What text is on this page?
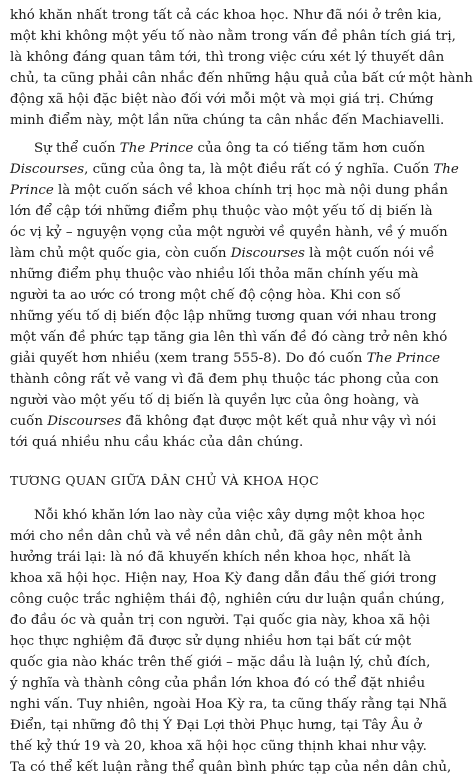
khó khăn nhất trong tất cả các khoa học. Như đã nói ở trên kia,
một khi không một yếu tố nào nằm trong vấn đề phân tích giá trị,
là không đáng quan tâm tới, thì trong việc cứu xét lý thuyết dân
chủ, ta cũng phải cân nhắc đến những hậu quả của bất cứ một hành
động xã hội đặc biệt nào đối với mỗi một và mọi giá trị. Chứng
minh điểm này, một lần nữa chúng ta cân nhắc đến Machiavelli.
Sự thể cuốn The Prince của ông ta có tiếng tăm hơn cuốn
Discourses, cũng của ông ta, là một điều rất có ý nghĩa. Cuốn The
Prince là một cuốn sách về khoa chính trị học mà nội dung phần
lớn để cập tới những điểm phụ thuộc vào một yếu tố dị biến là
óc vị kỷ – nguyện vọng của một người về quyền hành, về ý muốn
làm chủ một quốc gia, còn cuốn Discourses là một cuốn nói về
những điểm phụ thuộc vào nhiều lối thỏa mãn chính yếu mà
người ta ao ước có trong một chế độ cộng hòa. Khi con số
những yếu tố dị biến độc lập những tương quan với nhau trong
một vấn đề phức tạp tăng gia lên thì vấn đề đó càng trở nên khó
giải quyết hơn nhiều (xem trang 555-8). Do đó cuốn The Prince
thành công rất vẻ vang vì đã đem phụ thuộc tác phong của con
người vào một yếu tố dị biến là quyền lực của ông hoàng, và
cuốn Discourses đã không đạt được một kết quả như vậy vì nói
tới quá nhiều nhu cầu khác của dân chúng.
TƯƠNG QUAN GIỮA DÂN CHỦ VÀ KHOA HỌC
Nỗi khó khăn lớn lao này của việc xây dựng một khoa học
mới cho nền dân chủ và về nền dân chủ, đã gây nên một ảnh
hưởng trái lại: là nó đã khuyến khích nền khoa học, nhất là
khoa xã hội học. Hiện nay, Hoa Kỳ đang dẫn đầu thế giới trong
công cuộc trắc nghiệm thái độ, nghiên cứu dư luận quần chúng,
đo đầu óc và quản trị con người. Tại quốc gia này, khoa xã hội
học thực nghiệm đã được sử dụng nhiều hơn tại bất cứ một
quốc gia nào khác trên thế giới – mặc dầu là luận lý, chủ đích,
ý nghĩa và thành công của phần lớn khoa đó có thể đặt nhiều
nghi vấn. Tuy nhiên, ngoài Hoa Kỳ ra, ta cũng thấy rằng tại Nhã
Điển, tại những đô thị Ý Đại Lợi thời Phục hưng, tại Tây Âu ở
thế kỷ thứ 19 và 20, khoa xã hội học cũng thịnh khai như vậy.
Ta có thể kết luận rằng thể quân bình phức tạp của nền dân chủ,
